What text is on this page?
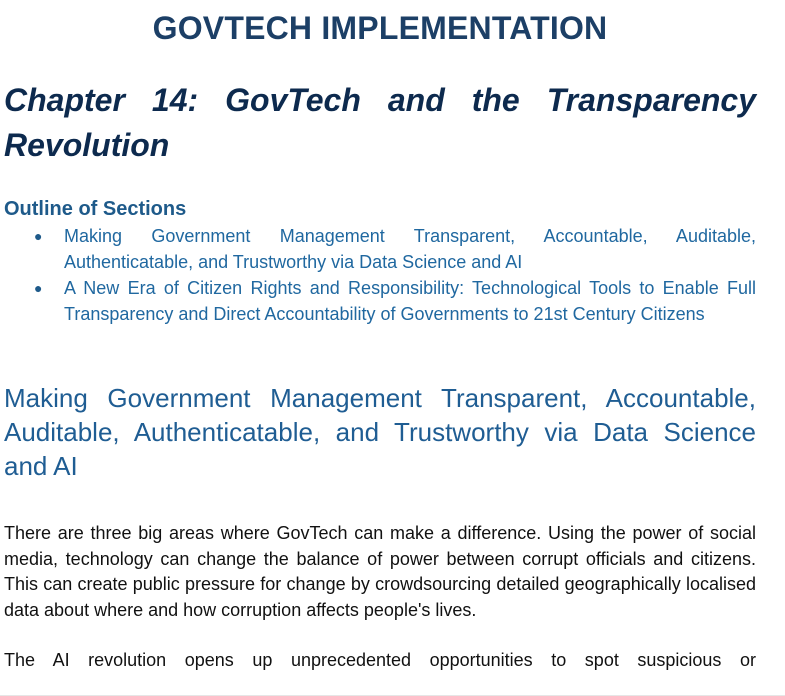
GOVTECH IMPLEMENTATION
Chapter 14: GovTech and the Transparency Revolution
Outline of Sections
● Making Government Management Transparent, Accountable, Auditable, Authenticatable, and Trustworthy via Data Science and AI
● A New Era of Citizen Rights and Responsibility: Technological Tools to Enable Full Transparency and Direct Accountability of Governments to 21st Century Citizens
Making Government Management Transparent, Accountable, Auditable, Authenticatable, and Trustworthy via Data Science and AI

There are three big areas where GovTech can make a difference. Using the power of social media, technology can change the balance of power between corrupt officials and citizens. This can create public pressure for change by crowdsourcing detailed geographically localised data about where and how corruption affects people's lives.

The AI revolution opens up unprecedented opportunities to spot suspicious or
